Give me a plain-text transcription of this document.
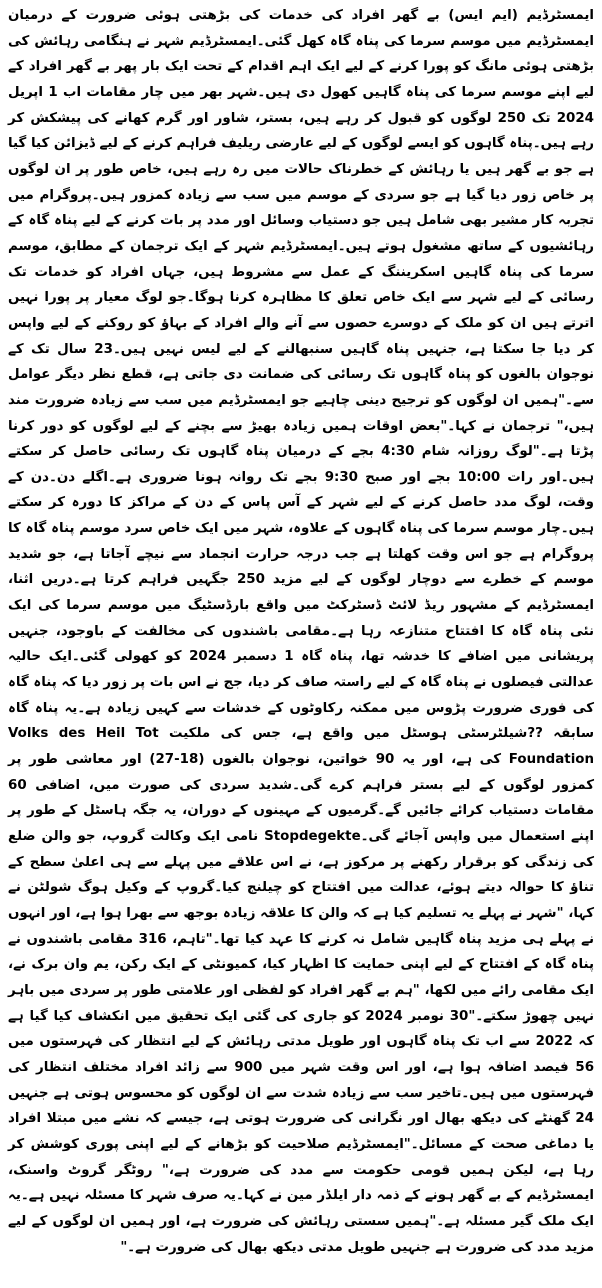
ایمسٹرڈیم (ایم ایس) بے گھر افراد کی خدمات کی بڑھتی ہوئی ضرورت کے درمیان ایمسٹرڈیم میں موسم سرما کی پناہ گاہ کھل گئی۔ایمسٹرڈیم شہر نے ہنگامی رہائش کی بڑھتی ہوئی مانگ کو پورا کرنے کے لیے ایک اہم اقدام کے تحت ایک بار پھر بے گھر افراد کے لیے اپنے موسم سرما کی پناہ گاہیں کھول دی ہیں۔شہر بھر میں چار مقامات اب 1 اپریل 2024 تک 250 لوگوں کو قبول کر رہے ہیں، بستر، شاور اور گرم کھانے کی پیشکش کر رہے ہیں۔پناہ گاہوں کو ایسے لوگوں کے لیے عارضی ریلیف فراہم کرنے کے لیے ڈیزائن کیا گیا ہے جو بے گھر ہیں یا رہائش کے خطرناک حالات میں رہ رہے ہیں، خاص طور پر ان لوگوں پر خاص زور دیا گیا ہے جو سردی کے موسم میں سب سے زیادہ کمزور ہیں۔پروگرام میں تجربہ کار مشیر بھی شامل ہیں جو دستیاب وسائل اور مدد پر بات کرنے کے لیے پناہ گاہ کے رہائشیوں کے ساتھ مشغول ہوتے ہیں۔ایمسٹرڈیم شہر کے ایک ترجمان کے مطابق، موسم سرما کی پناہ گاہیں اسکریننگ کے عمل سے مشروط ہیں، جہاں افراد کو خدمات تک رسائی کے لیے شہر سے ایک خاص تعلق کا مظاہرہ کرنا ہوگا۔جو لوگ معیار پر پورا نہیں اترتے ہیں ان کو ملک کے دوسرے حصوں سے آنے والے افراد کے بہاؤ کو روکنے کے لیے واپس کر دیا جا سکتا ہے، جنہیں پناہ گاہیں سنبھالنے کے لیے لیس نہیں ہیں۔23 سال تک کے نوجوان بالغوں کو پناہ گاہوں تک رسائی کی ضمانت دی جاتی ہے، قطع نظر دیگر عوامل سے۔"ہمیں ان لوگوں کو ترجیح دینی چاہیے جو ایمسٹرڈیم میں سب سے زیادہ ضرورت مند ہیں،" ترجمان نے کہا۔"بعض اوقات ہمیں زیادہ بھیڑ سے بچنے کے لیے لوگوں کو دور کرنا پڑتا ہے۔"لوگ روزانہ شام 4:30 بجے کے درمیان پناہ گاہوں تک رسائی حاصل کر سکتے ہیں۔اور رات 10:00 بجے اور صبح 9:30 بجے تک روانہ ہونا ضروری ہے۔اگلے دن۔دن کے وقت، لوگ مدد حاصل کرنے کے لیے شہر کے آس پاس کے دن کے مراکز کا دورہ کر سکتے ہیں۔چار موسم سرما کی پناہ گاہوں کے علاوہ، شہر میں ایک خاص سرد موسم پناہ گاہ کا پروگرام ہے جو اس وقت کھلتا ہے جب درجہ حرارت انجماد سے نیچے آجاتا ہے، جو شدید موسم کے خطرے سے دوچار لوگوں کے لیے مزید 250 جگہیں فراہم کرتا ہے۔دریں اثنا، ایمسٹرڈیم کے مشہور ریڈ لائٹ ڈسٹرکٹ میں واقع بارڈسٹیگ میں موسم سرما کی ایک نئی پناہ گاہ کا افتتاح متنازعہ رہا ہے۔مقامی باشندوں کی مخالفت کے باوجود، جنہیں پریشانی میں اضافے کا خدشہ تھا، پناہ گاہ 1 دسمبر 2024 کو کھولی گئی۔ایک حالیہ عدالتی فیصلوں نے پناہ گاہ کے لیے راستہ صاف کر دیا، جج نے اس بات پر زور دیا کہ پناہ گاہ کی فوری ضرورت پڑوس میں ممکنہ رکاوٹوں کے خدشات سے کہیں زیادہ ہے۔یہ پناہ گاہ سابقہ ??شیلٹرسٹی ہوسٹل میں واقع ہے، جس کی ملکیت Volks des Heil Tot Foundation کی ہے، اور یہ 90 خواتین، نوجوان بالغوں (18-27) اور معاشی طور پر کمزور لوگوں کے لیے بستر فراہم کرے گی۔شدید سردی کی صورت میں، اضافی 60 مقامات دستیاب کرائے جائیں گے۔گرمیوں کے مہینوں کے دوران، یہ جگہ ہاسٹل کے طور پر اپنے استعمال میں واپس آجائے گی۔Stopdegekte نامی ایک وکالت گروپ، جو والن ضلع کی زندگی کو برقرار رکھنے پر مرکوز ہے، نے اس علاقے میں پہلے سے ہی اعلیٰ سطح کے تناؤ کا حوالہ دیتے ہوئے، عدالت میں افتتاح کو چیلنج کیا۔گروپ کے وکیل ہوگ شولٹن نے کہا، "شہر نے پہلے یہ تسلیم کیا ہے کہ والن کا علاقہ زیادہ بوجھ سے بھرا ہوا ہے، اور انہوں نے پہلے ہی مزید پناہ گاہیں شامل نہ کرنے کا عہد کیا تھا۔"تاہم، 316 مقامی باشندوں نے پناہ گاہ کے افتتاح کے لیے اپنی حمایت کا اظہار کیا، کمیونٹی کے ایک رکن، یم وان برک نے، ایک مقامی رائے میں لکھا، "ہم بے گھر افراد کو لفظی اور علامتی طور پر سردی میں باہر نہیں چھوڑ سکتے۔"30 نومبر 2024 کو جاری کی گئی ایک تحقیق میں انکشاف کیا گیا ہے کہ 2022 سے اب تک پناہ گاہوں اور طویل مدتی رہائش کے لیے انتظار کی فہرستوں میں 56 فیصد اضافہ ہوا ہے، اور اس وقت شہر میں 900 سے زائد افراد مختلف انتظار کی فہرستوں میں ہیں۔تاخیر سب سے زیادہ شدت سے ان لوگوں کو محسوس ہوتی ہے جنہیں 24 گھنٹے کی دیکھ بھال اور نگرانی کی ضرورت ہوتی ہے، جیسے کہ نشے میں مبتلا افراد یا دماغی صحت کے مسائل۔"ایمسٹرڈیم صلاحیت کو بڑھانے کے لیے اپنی پوری کوشش کر رہا ہے، لیکن ہمیں قومی حکومت سے مدد کی ضرورت ہے،" روٹگر گروٹ واسنک، ایمسٹرڈیم کے بے گھر ہونے کے ذمہ دار ایلڈر مین نے کہا۔یہ صرف شہر کا مسئلہ نہیں ہے۔یہ ایک ملک گیر مسئلہ ہے۔"ہمیں سستی رہائش کی ضرورت ہے، اور ہمیں ان لوگوں کے لیے مزید مدد کی ضرورت ہے جنہیں طویل مدتی دیکھ بھال کی ضرورت ہے۔"
